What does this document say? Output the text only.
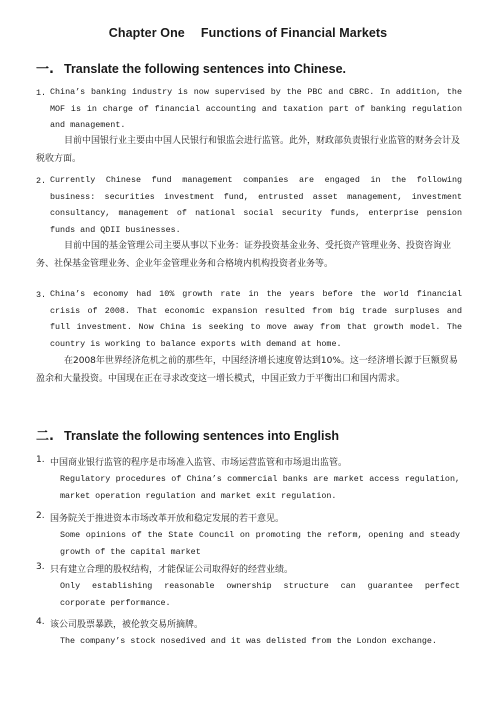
Chapter One Functions of Financial Markets
一. Translate the following sentences into Chinese.
1. China’s banking industry is now supervised by the PBC and CBRC. In addition, the MOF is in charge of financial accounting and taxation part of banking regulation and management.
目前中国银行业主要由中国人民银行和银监会进行监管。此外，财政部负责银行业监管的财务会计及税收方面。
2. Currently Chinese fund management companies are engaged in the following business: securities investment fund, entrusted asset management, investment consultancy, management of national social security funds, enterprise pension funds and QDII businesses.
目前中国的基金管理公司主要从事以下业务：证券投资基金业务、受托资产管理业务、投资咨询业务、社保基金管理业务、企业年金管理业务和合格境内机构投资者业务等。
3. China’s economy had 10% growth rate in the years before the world financial crisis of 2008. That economic expansion resulted from big trade surpluses and full investment. Now China is seeking to move away from that growth model. The country is working to balance exports with demand at home.
在2008年世界经济危机之前的那些年，中国经济增长速度曾达到10%。这一经济增长源于巨额贸易盈余和大量投资。中国现在正在寻求改变这一增长模式，中国正致力于平衡出口和国内需求。
二. Translate the following sentences into English
1. 中国商业银行监管的程序是市场准入监管、市场运营监管和市场退出监管。
Regulatory procedures of China’s commercial banks are market access regulation, market operation regulation and market exit regulation.
2. 国务院关于推进资本市场改革开放和稳定发展的若干意见。
Some opinions of the State Council on promoting the reform, opening and steady growth of the capital market
3. 只有建立合理的股权结构，才能保证公司取得好的经营业绩。
Only establishing reasonable ownership structure can guarantee perfect corporate performance.
4. 该公司股票暴跌，被伦敦交易所摘牌。
The company’s stock nosedived and it was delisted from the London exchange.
